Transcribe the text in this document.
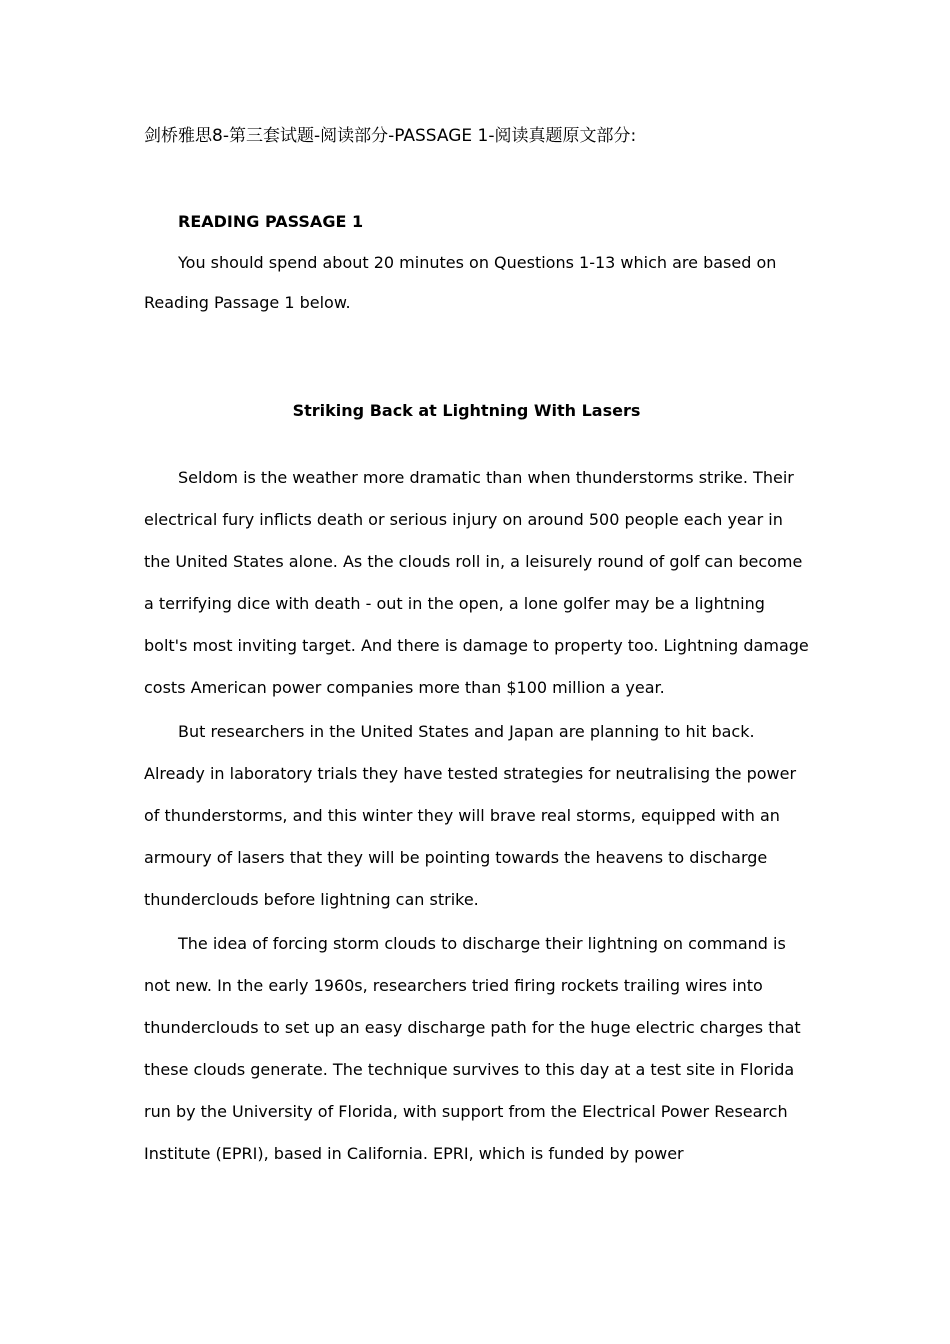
剑桥雅思8-第三套试题-阅读部分-PASSAGE 1-阅读真题原文部分:
READING PASSAGE 1

You should spend about 20 minutes on Questions 1-13 which are based on Reading Passage 1 below.

Striking Back at Lightning With Lasers

Seldom is the weather more dramatic than when thunderstorms strike. Their electrical fury inflicts death or serious injury on around 500 people each year in the United States alone. As the clouds roll in, a leisurely round of golf can become a terrifying dice with death - out in the open, a lone golfer may be a lightning bolt's most inviting target. And there is damage to property too. Lightning damage costs American power companies more than $100 million a year.

But researchers in the United States and Japan are planning to hit back. Already in laboratory trials they have tested strategies for neutralising the power of thunderstorms, and this winter they will brave real storms, equipped with an armoury of lasers that they will be pointing towards the heavens to discharge thunderclouds before lightning can strike.

The idea of forcing storm clouds to discharge their lightning on command is not new. In the early 1960s, researchers tried firing rockets trailing wires into thunderclouds to set up an easy discharge path for the huge electric charges that these clouds generate. The technique survives to this day at a test site in Florida run by the University of Florida, with support from the Electrical Power Research Institute (EPRI), based in California. EPRI, which is funded by power
